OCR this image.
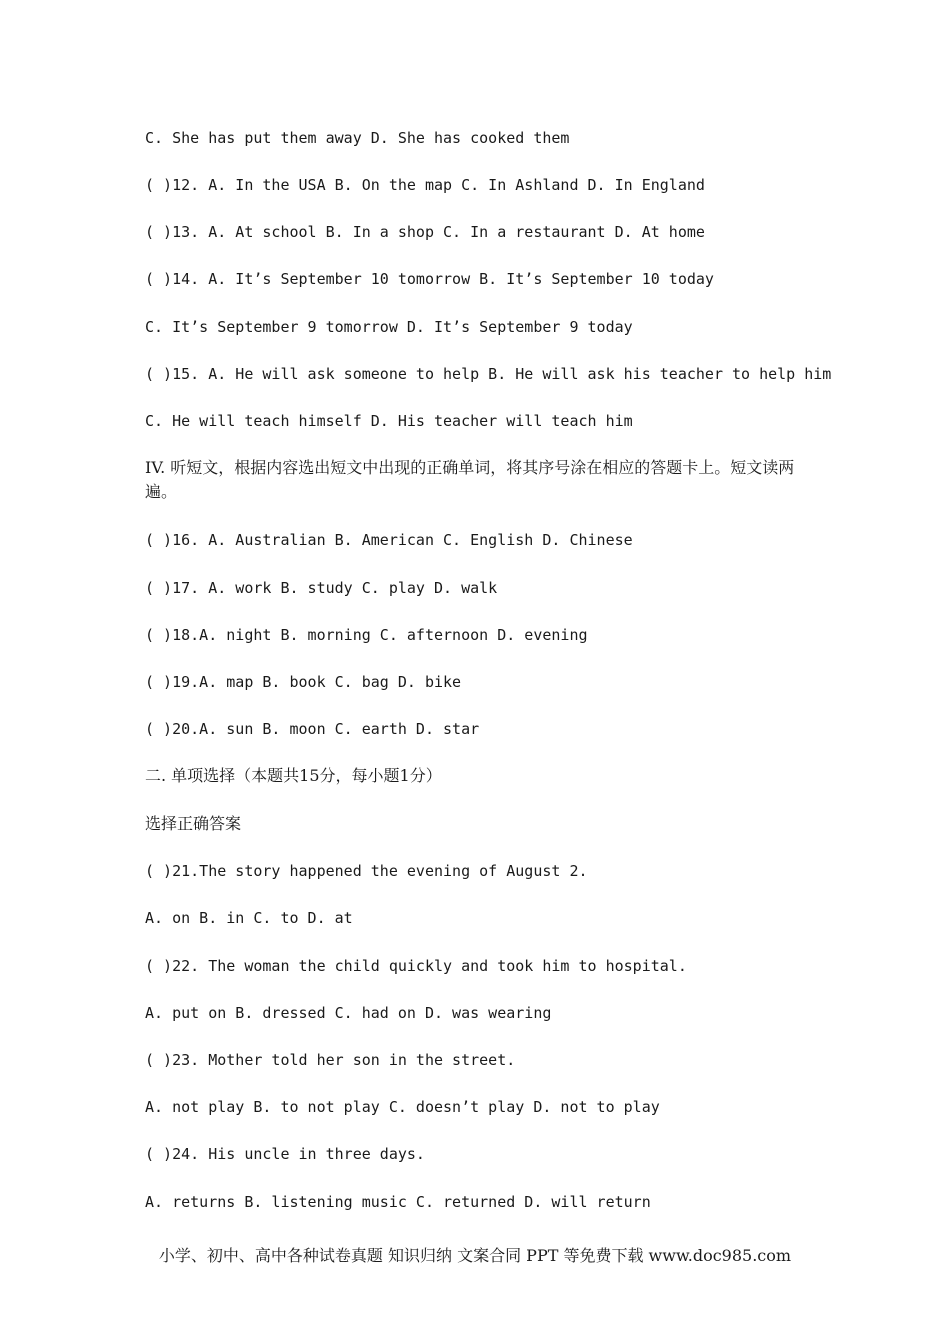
C. She has put them away D. She has cooked them
( )12. A. In the USA B. On the map C. In Ashland D. In England
( )13. A. At school B. In a shop C. In a restaurant D. At home
( )14. A. It’s September 10 tomorrow B. It’s September 10 today
C. It’s September 9 tomorrow D. It’s September 9 today
( )15. A. He will ask someone to help B. He will ask his teacher to help him
C. He will teach himself D. His teacher will teach him
IV. 听短文，根据内容选出短文中出现的正确单词，将其序号涂在相应的答题卡上。短文读两遍。
( )16. A. Australian B. American C. English D. Chinese
( )17. A. work B. study C. play D. walk
( )18.A. night B. morning C. afternoon D. evening
( )19.A. map B. book C. bag D. bike
( )20.A. sun B. moon C. earth D. star
二. 单项选择（本题共15分，每小题1分）
选择正确答案
( )21.The story happened the evening of August 2.
A. on B. in C. to D. at
( )22. The woman the child quickly and took him to hospital.
A. put on B. dressed C. had on D. was wearing
( )23. Mother told her son in the street.
A. not play B. to not play C. doesn’t play D. not to play
( )24. His uncle in three days.
A. returns B. listening music C. returned D. will return
小学、初中、高中各种试卷真题 知识归纳 文案合同 PPT 等免费下载 www.doc985.com
